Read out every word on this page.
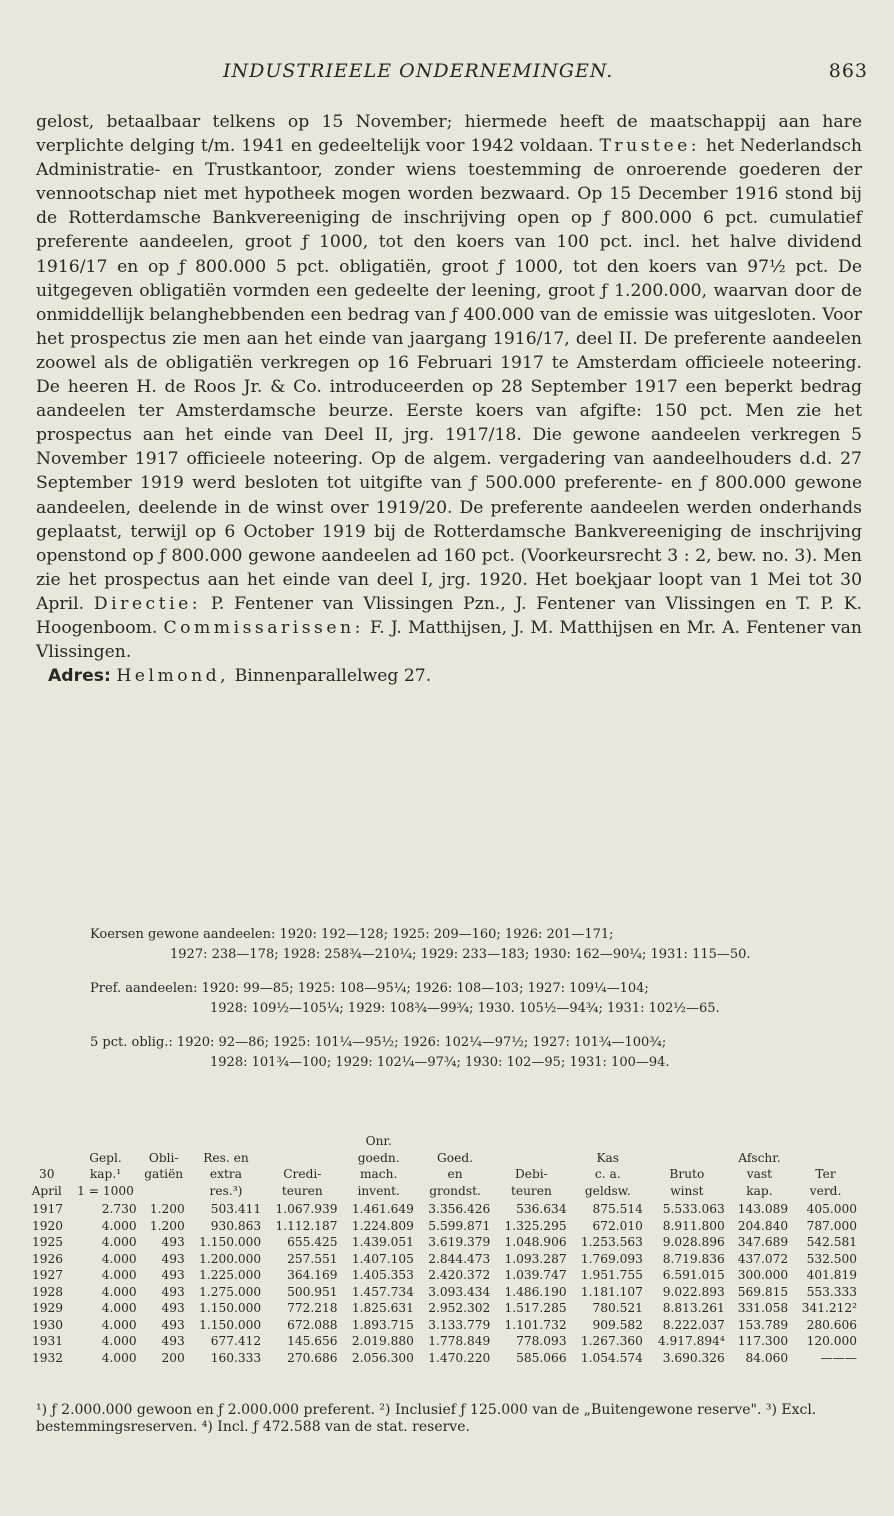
INDUSTRIEELE ONDERNEMINGEN.	863

gelost, betaalbaar telkens op 15 November; hiermede heeft de maatschappij aan hare verplichte delging t/m. 1941 en gedeeltelijk voor 1942 voldaan. Trustee: het Nederlandsch Administratie- en Trustkantoor, zonder wiens toestemming de onroerende goederen der vennootschap niet met hypotheek mogen worden bezwaard. Op 15 December 1916 stond bij de Rotterdamsche Bankvereeniging de inschrijving open op ƒ 800.000 6 pct. cumulatief preferente aandeelen, groot ƒ 1000, tot den koers van 100 pct. incl. het halve dividend 1916/17 en op ƒ 800.000 5 pct. obligatiën, groot ƒ 1000, tot den koers van 97½ pct. De uitgegeven obligatiën vormden een gedeelte der leening, groot ƒ 1.200.000, waarvan door de onmiddellijk belanghebbenden een bedrag van ƒ 400.000 van de emissie was uitgesloten. Voor het prospectus zie men aan het einde van jaargang 1916/17, deel II. De preferente aandeelen zoowel als de obligatiën verkregen op 16 Februari 1917 te Amsterdam officieele noteering. De heeren H. de Roos Jr. & Co. introduceerden op 28 September 1917 een beperkt bedrag aandeelen ter Amsterdamsche beurze. Eerste koers van afgifte: 150 pct. Men zie het prospectus aan het einde van Deel II, jrg. 1917/18. Die gewone aandeelen verkregen 5 November 1917 officieele noteering. Op de algem. vergadering van aandeelhouders d.d. 27 September 1919 werd besloten tot uitgifte van ƒ 500.000 preferente- en ƒ 800.000 gewone aandeelen, deelende in de winst over 1919/20. De preferente aandeelen werden onderhands geplaatst, terwijl op 6 October 1919 bij de Rotterdamsche Bankvereeniging de inschrijving openstond op ƒ 800.000 gewone aandeelen ad 160 pct. (Voorkeursrecht 3 : 2, bew. no. 3). Men zie het prospectus aan het einde van deel I, jrg. 1920. Het boekjaar loopt van 1 Mei tot 30 April. Directie: P. Fentener van Vlissingen Pzn., J. Fentener van Vlissingen en T. P. K. Hoogenboom. Commissarissen: F. J. Matthijsen, J. M. Matthijsen en Mr. A. Fentener van Vlissingen.

Adres: Helmond, Binnenparallelweg 27.

Koersen gewone aandeelen: 1920: 192—128; 1925: 209—160; 1926: 201—171;
1927: 238—178; 1928: 258¾—210¼; 1929: 233—183; 1930: 162—90¼; 1931: 115—50.
Pref. aandeelen: 1920: 99—85; 1925: 108—95¼; 1926: 108—103; 1927: 109¼—104;
1928: 109½—105¼; 1929: 108¾—99¾; 1930. 105½—94¾; 1931: 102½—65.
5 pct. oblig.: 1920: 92—86; 1925: 101¼—95½; 1926: 102¼—97½; 1927: 101¾—100¾;
1928: 101¾—100; 1929: 102¼—97¾; 1930: 102—95; 1931: 100—94.
					Onr.						
	Gepl.	Obli-	Res. en		goedn.	Goed.		Kas		Afschr.	
30	kap.¹	gatiën	extra	Credi-	mach.	en	Debi-	c. a.	Bruto	vast	Ter
April	1 = 1000		res.³)	teuren	invent.	grondst.	teuren	geldsw.	winst	kap.	verd.
1917	2.730	1.200	503.411	1.067.939	1.461.649	3.356.426	536.634	875.514	5.533.063	143.089	405.000
1920	4.000	1.200	930.863	1.112.187	1.224.809	5.599.871	1.325.295	672.010	8.911.800	204.840	787.000
1925	4.000	493	1.150.000	655.425	1.439.051	3.619.379	1.048.906	1.253.563	9.028.896	347.689	542.581
1926	4.000	493	1.200.000	257.551	1.407.105	2.844.473	1.093.287	1.769.093	8.719.836	437.072	532.500
1927	4.000	493	1.225.000	364.169	1.405.353	2.420.372	1.039.747	1.951.755	6.591.015	300.000	401.819
1928	4.000	493	1.275.000	500.951	1.457.734	3.093.434	1.486.190	1.181.107	9.022.893	569.815	553.333
1929	4.000	493	1.150.000	772.218	1.825.631	2.952.302	1.517.285	780.521	8.813.261	331.058	341.212²
1930	4.000	493	1.150.000	672.088	1.893.715	3.133.779	1.101.732	909.582	8.222.037	153.789	280.606
1931	4.000	493	677.412	145.656	2.019.880	1.778.849	778.093	1.267.360	4.917.894⁴	117.300	120.000
1932	4.000	200	160.333	270.686	2.056.300	1.470.220	585.066	1.054.574	3.690.326	84.060	———

¹) ƒ 2.000.000 gewoon en ƒ 2.000.000 preferent. ²) Inclusief ƒ 125.000 van de „Buitengewone reserve". ³) Excl. bestemmingsreserven. ⁴) Incl. ƒ 472.588 van de stat. reserve.
